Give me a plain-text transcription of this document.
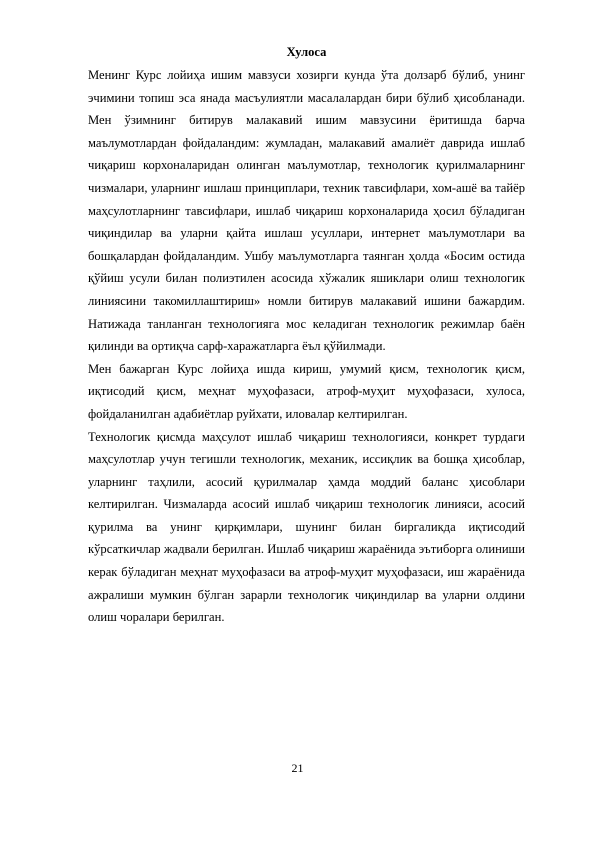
Хулоса

Менинг Курс лойиҳа ишим мавзуси хозирги кунда ўта долзарб бўлиб, унинг эчимини топиш эса янада масъулиятли масалалардан бири бўлиб ҳисобланади. Мен ўзимнинг битирув малакавий ишим мавзусини ёритишда барча маълумотлардан фойдаландим: жумладан, малакавий амалиёт даврида ишлаб чиқариш корхоналаридан олинган маълумотлар, технологик қурилмаларнинг чизмалари, уларнинг ишлаш принциплари, техник тавсифлари, хом-ашё ва тайёр маҳсулотларнинг тавсифлари, ишлаб чиқариш корхоналарида ҳосил бўладиган чиқиндилар ва уларни қайта ишлаш усуллари, интернет маълумотлари ва бошқалардан фойдаландим. Ушбу маълумотларга таянган ҳолда «Босим остида қўйиш усули билан полиэтилен асосида хўжалик яшиклари олиш технологик линиясини такомиллаштириш» номли битирув малакавий ишини бажардим. Натижада танланган технологияга мос келадиган технологик режимлар баён қилинди ва ортиқча сарф-харажатларга ёъл қўйилмади.

Мен бажарган Курс лойиҳа ишда кириш, умумий қисм, технологик қисм, иқтисодий қисм, меҳнат муҳофазаси, атроф-муҳит муҳофазаси, хулоса, фойдаланилган адабиётлар руйхати, иловалар келтирилган.

Технологик қисмда маҳсулот ишлаб чиқариш технологияси, конкрет турдаги маҳсулотлар учун тегишли технологик, механик, иссиқлик ва бошқа ҳисоблар, уларнинг таҳлили, асосий қурилмалар ҳамда моддий баланс ҳисоблари келтирилган. Чизмаларда асосий ишлаб чиқариш технологик линияси, асосий қурилма ва унинг қирқимлари, шунинг билан биргаликда иқтисодий кўрсаткичлар жадвали берилган. Ишлаб чиқариш жараёнида эътиборга олиниши керак бўладиган меҳнат муҳофазаси ва атроф-муҳит муҳофазаси, иш жараёнида ажралиши мумкин бўлган зарарли технологик чиқиндилар ва уларни олдини олиш чоралари берилган.

21
